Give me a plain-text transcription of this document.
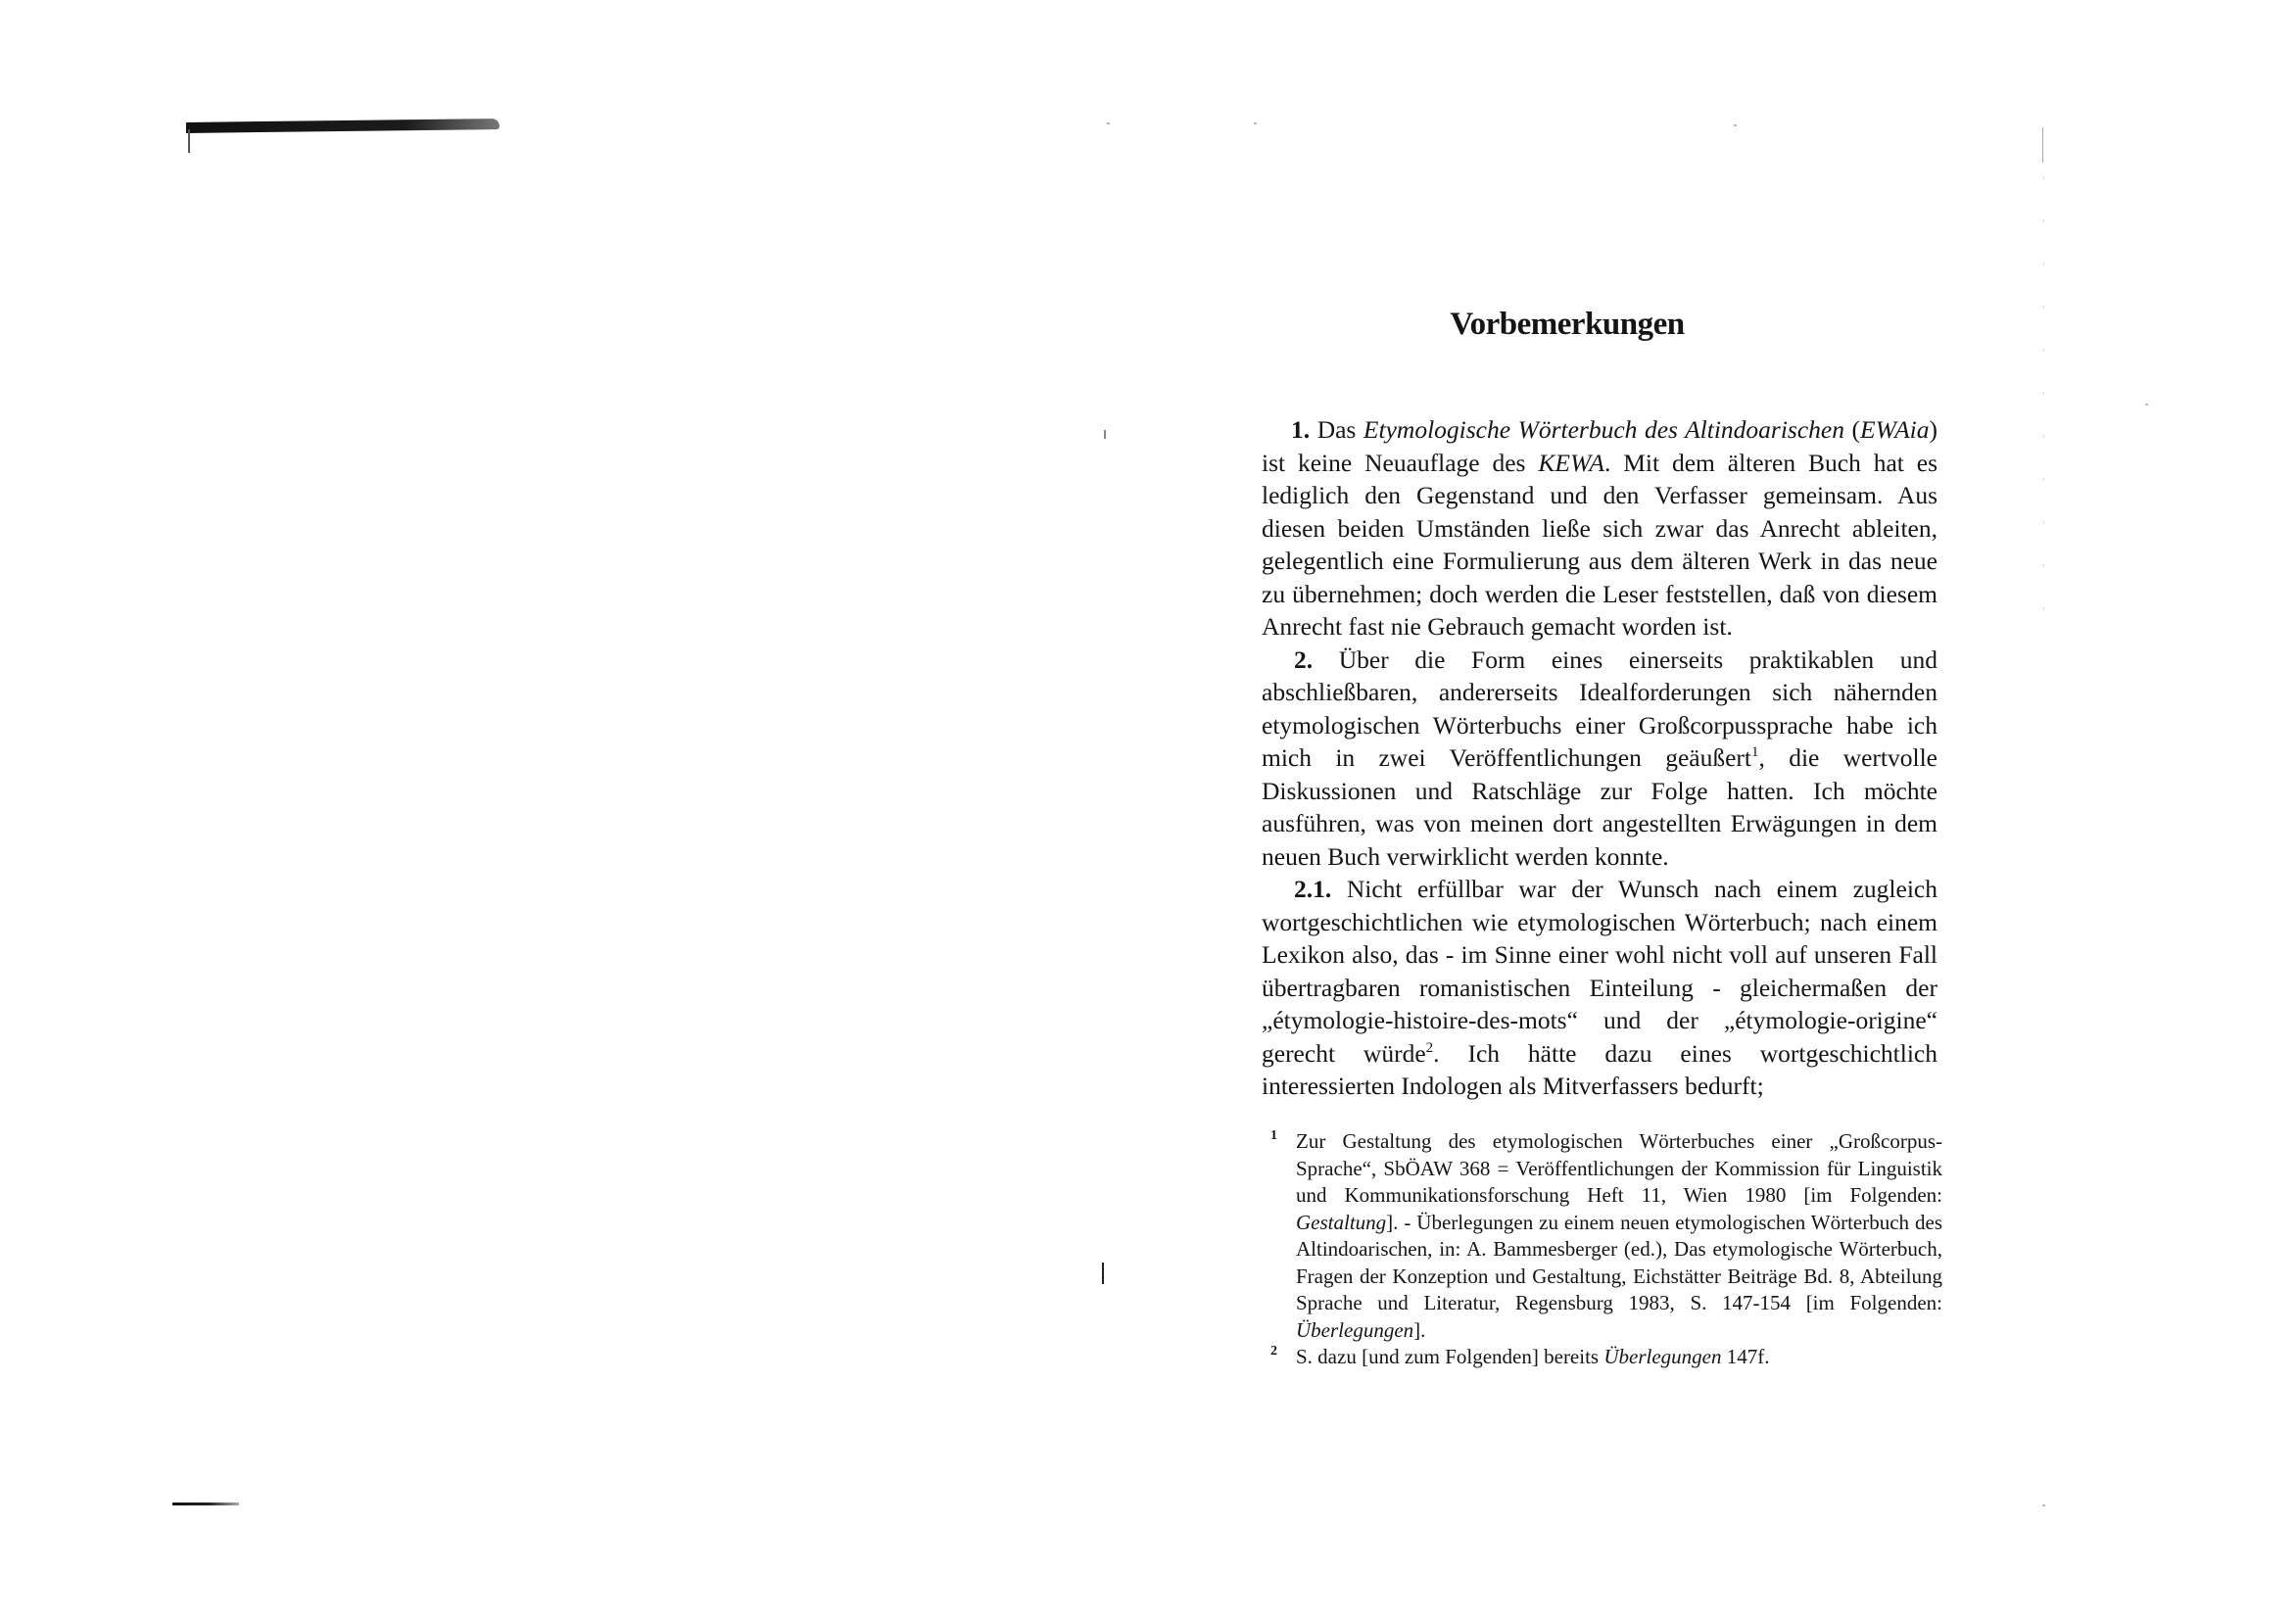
Vorbemerkungen

1. Das Etymologische Wörterbuch des Altindoarischen (EWAia) ist keine Neuauflage des KEWA. Mit dem älteren Buch hat es lediglich den Gegenstand und den Verfasser gemeinsam. Aus diesen beiden Umständen ließe sich zwar das Anrecht ableiten, gelegentlich eine Formulierung aus dem älteren Werk in das neue zu übernehmen; doch werden die Leser feststellen, daß von diesem Anrecht fast nie Gebrauch gemacht worden ist.

2. Über die Form eines einerseits praktikablen und abschließbaren, andererseits Idealforderungen sich nähernden etymologischen Wörterbuchs einer Großcorpussprache habe ich mich in zwei Veröffentlichungen geäußert$^1$, die wertvolle Diskussionen und Ratschläge zur Folge hatten. Ich möchte ausführen, was von meinen dort angestellten Erwägungen in dem neuen Buch verwirklicht werden konnte.

2.1. Nicht erfüllbar war der Wunsch nach einem zugleich wortgeschichtlichen wie etymologischen Wörterbuch; nach einem Lexikon also, das - im Sinne einer wohl nicht voll auf unseren Fall übertragbaren romanistischen Einteilung - gleichermaßen der „étymologie-histoire-des-mots“ und der „étymologie-origine“ gerecht würde$^2$. Ich hätte dazu eines wortgeschichtlich interessierten Indologen als Mitverfassers bedurft;

1 Zur Gestaltung des etymologischen Wörterbuches einer „Großcorpus-Sprache“, SbÖAW 368 = Veröffentlichungen der Kommission für Linguistik und Kommunikationsforschung Heft 11, Wien 1980 [im Folgenden: Gestaltung]. - Überlegungen zu einem neuen etymologischen Wörterbuch des Altindoarischen, in: A. Bammesberger (ed.), Das etymologische Wörterbuch, Fragen der Konzeption und Gestaltung, Eichstätter Beiträge Bd. 8, Abteilung Sprache und Literatur, Regensburg 1983, S. 147-154 [im Folgenden: Überlegungen].
2 S. dazu [und zum Folgenden] bereits Überlegungen 147f.
